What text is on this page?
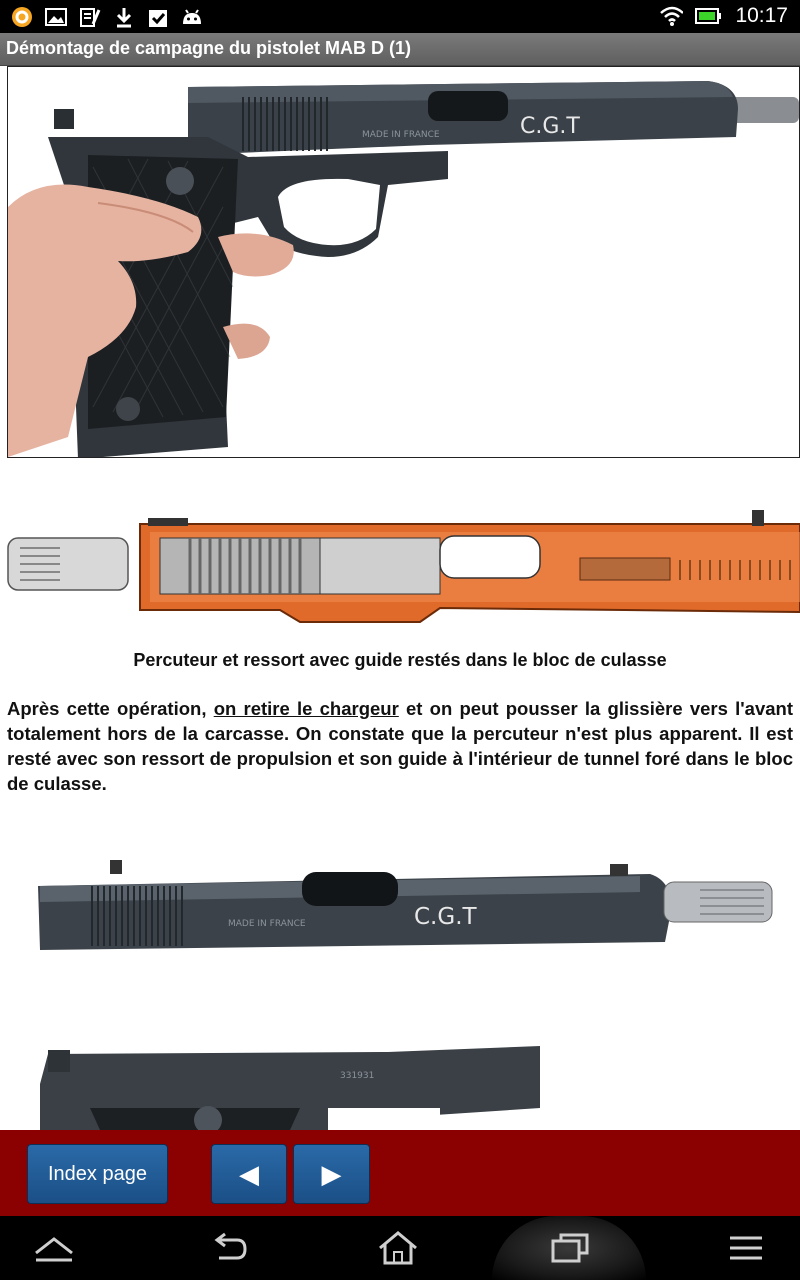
10:17
Démontage de campagne du pistolet MAB D (1)
C.G.T
MADE IN FRANCE
Percuteur et ressort avec guide restés dans le bloc de culasse

Après cette opération, on retire le chargeur et on peut pousser la glissière vers l'avant totalement hors de la carcasse. On constate que la percuteur n'est plus apparent. Il est resté avec son ressort de propulsion et son guide à l'intérieur de tunnel foré dans le bloc de culasse.

C.G.T
MADE IN FRANCE
331931
Index page	◀ ▶
